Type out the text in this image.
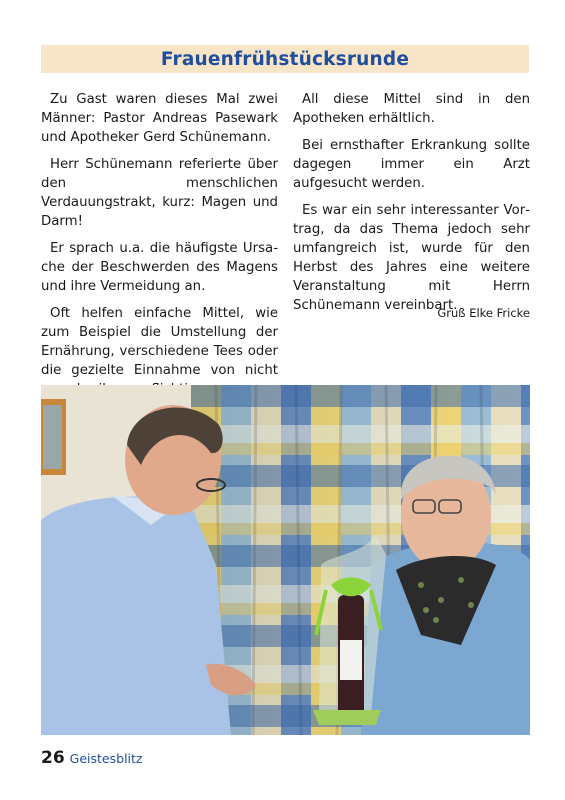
Frauenfrühstücksrunde

Zu Gast waren dieses Mal zwei Männer: Pastor Andreas Pasewark und Apotheker Gerd Schünemann.

Herr Schünemann referierte über den menschlichen Verdauungstrakt, kurz: Magen und Darm!

Er sprach u.a. die häufigste Ursache der Beschwerden des Magens und ihre Vermeidung an.

Oft helfen einfache Mittel, wie zum Beispiel die Umstellung der Ernährung, verschiedene Tees oder die gezielte Einnahme von nicht

All diese Mittel sind in den Apotheken erhältlich.

Bei ernsthafter Erkrankung sollte dagegen immer ein Arzt aufgesucht werden.

Es war ein sehr interessanter Vortrag, da das Thema jedoch sehr umfangreich ist, wurde für den Herbst des Jahres eine weitere Veranstaltung mit Herrn Schünemann vereinbart.

Gruß Elke Fricke
26 Geistesblitz
